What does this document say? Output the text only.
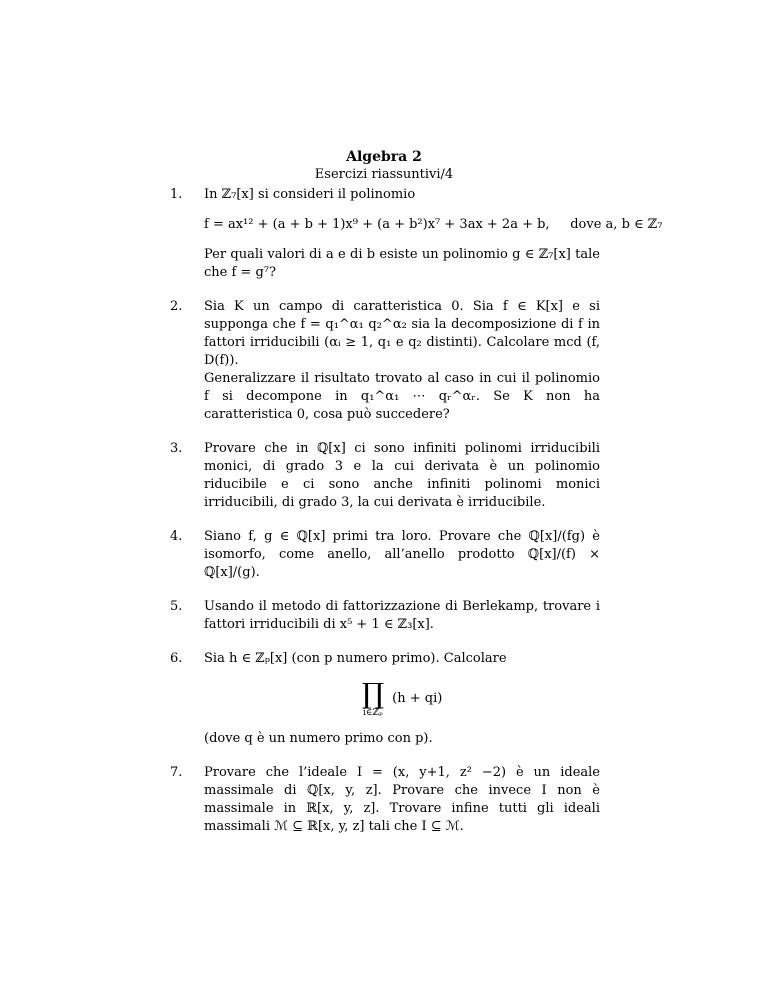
Algebra 2
Esercizi riassuntivi/4
1. In ℤ₇[x] si consideri il polinomio

f = ax¹² + (a + b + 1)x⁹ + (a + b²)x⁷ + 3ax + 2a + b, dove a, b ∈ ℤ₇

Per quali valori di a e di b esiste un polinomio g ∈ ℤ₇[x] tale che f = g⁷?

2. Sia K un campo di caratteristica 0. Sia f ∈ K[x] e si supponga che f = q₁^α₁ q₂^α₂ sia la decomposizione di f in fattori irriducibili (αᵢ ≥ 1, q₁ e q₂ distinti). Calcolare mcd (f, D(f)).

Generalizzare il risultato trovato al caso in cui il polinomio f si decompone in q₁^α₁ ⋯ qᵣ^αᵣ. Se K non ha caratteristica 0, cosa può succedere?

3. Provare che in ℚ[x] ci sono infiniti polinomi irriducibili monici, di grado 3 e la cui derivata è un polinomio riducibile e ci sono anche infiniti polinomi monici irriducibili, di grado 3, la cui derivata è irriducibile.

4. Siano f, g ∈ ℚ[x] primi tra loro. Provare che ℚ[x]/(fg) è isomorfo, come anello, all’anello prodotto ℚ[x]/(f) × ℚ[x]/(g).

5. Usando il metodo di fattorizzazione di Berlekamp, trovare i fattori irriducibili di x⁵ + 1 ∈ ℤ₃[x].

6. Sia h ∈ ℤₚ[x] (con p numero primo). Calcolare

∏
i∈ℤₚ
(h + qi)

(dove q è un numero primo con p).

7. Provare che l’ideale I = (x, y+1, z² −2) è un ideale massimale di ℚ[x, y, z]. Provare che invece I non è massimale in ℝ[x, y, z]. Trovare infine tutti gli ideali massimali ℳ ⊆ ℝ[x, y, z] tali che I ⊆ ℳ.
